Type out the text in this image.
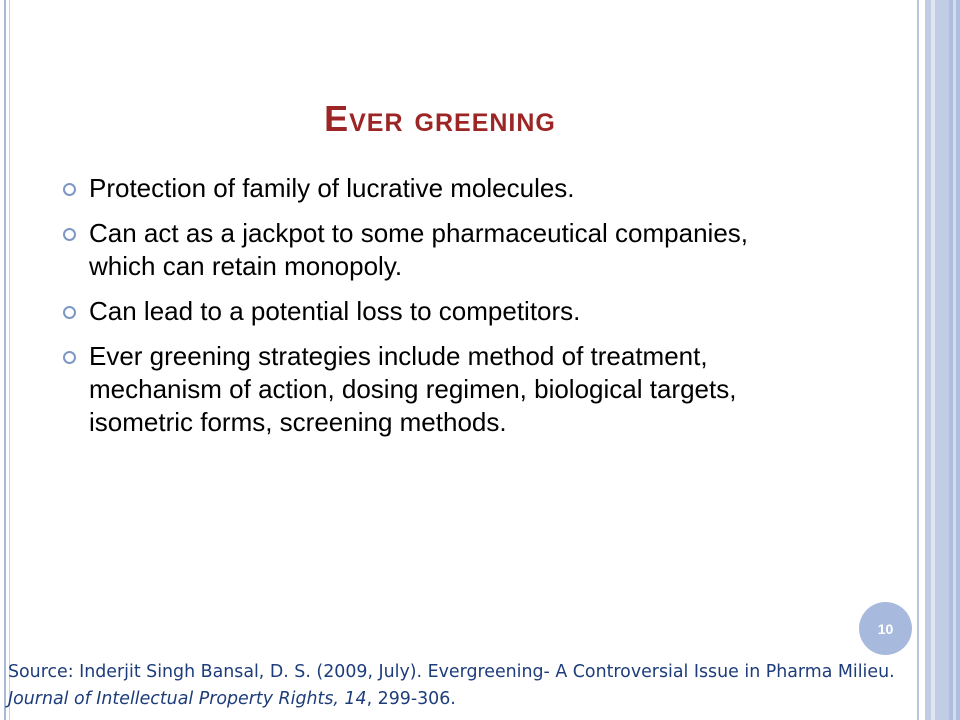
Ever greening
Protection of family of lucrative molecules.
Can act as a jackpot to some pharmaceutical companies, which can retain monopoly.
Can lead to a potential loss to competitors.
Ever greening strategies include method of treatment, mechanism of action, dosing regimen, biological targets, isometric forms, screening methods.
10

Source: Inderjit Singh Bansal, D. S. (2009, July). Evergreening- A Controversial Issue in Pharma Milieu. Journal of Intellectual Property Rights, 14, 299-306.
